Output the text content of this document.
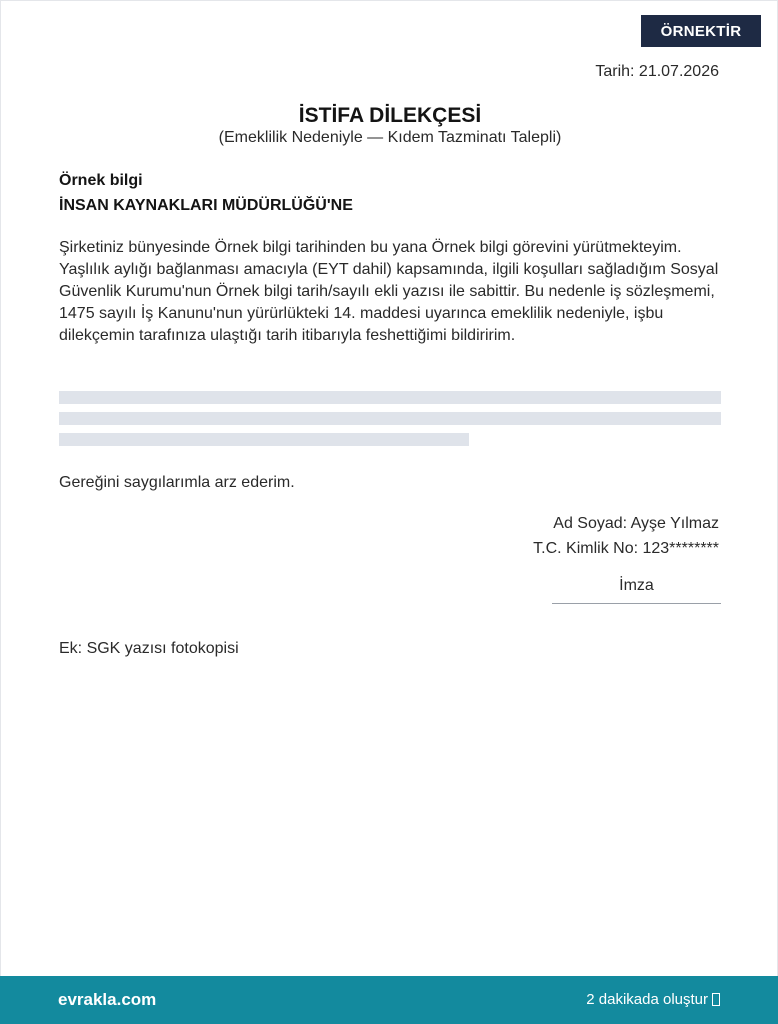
ÖRNEKTİR
Tarih: 21.07.2026
İSTİFA DİLEKÇESİ
(Emeklilik Nedeniyle — Kıdem Tazminatı Talepli)
Örnek bilgi
İNSAN KAYNAKLARI MÜDÜRLÜĞÜ'NE
Şirketiniz bünyesinde Örnek bilgi tarihinden bu yana Örnek bilgi görevini yürütmekteyim. Yaşlılık aylığı bağlanması amacıyla (EYT dahil) kapsamında, ilgili koşulları sağladığım Sosyal Güvenlik Kurumu'nun Örnek bilgi tarih/sayılı ekli yazısı ile sabittir. Bu nedenle iş sözleşmemi, 1475 sayılı İş Kanunu'nun yürürlükteki 14. maddesi uyarınca emeklilik nedeniyle, işbu dilekçemin tarafınıza ulaştığı tarih itibarıyla feshettiğimi bildiririm.
Gereğini saygılarımla arz ederim.
Ad Soyad: Ayşe Yılmaz
T.C. Kimlik No: 123********
İmza
Ek: SGK yazısı fotokopisi
evrakla.com	2 dakikada oluştur
